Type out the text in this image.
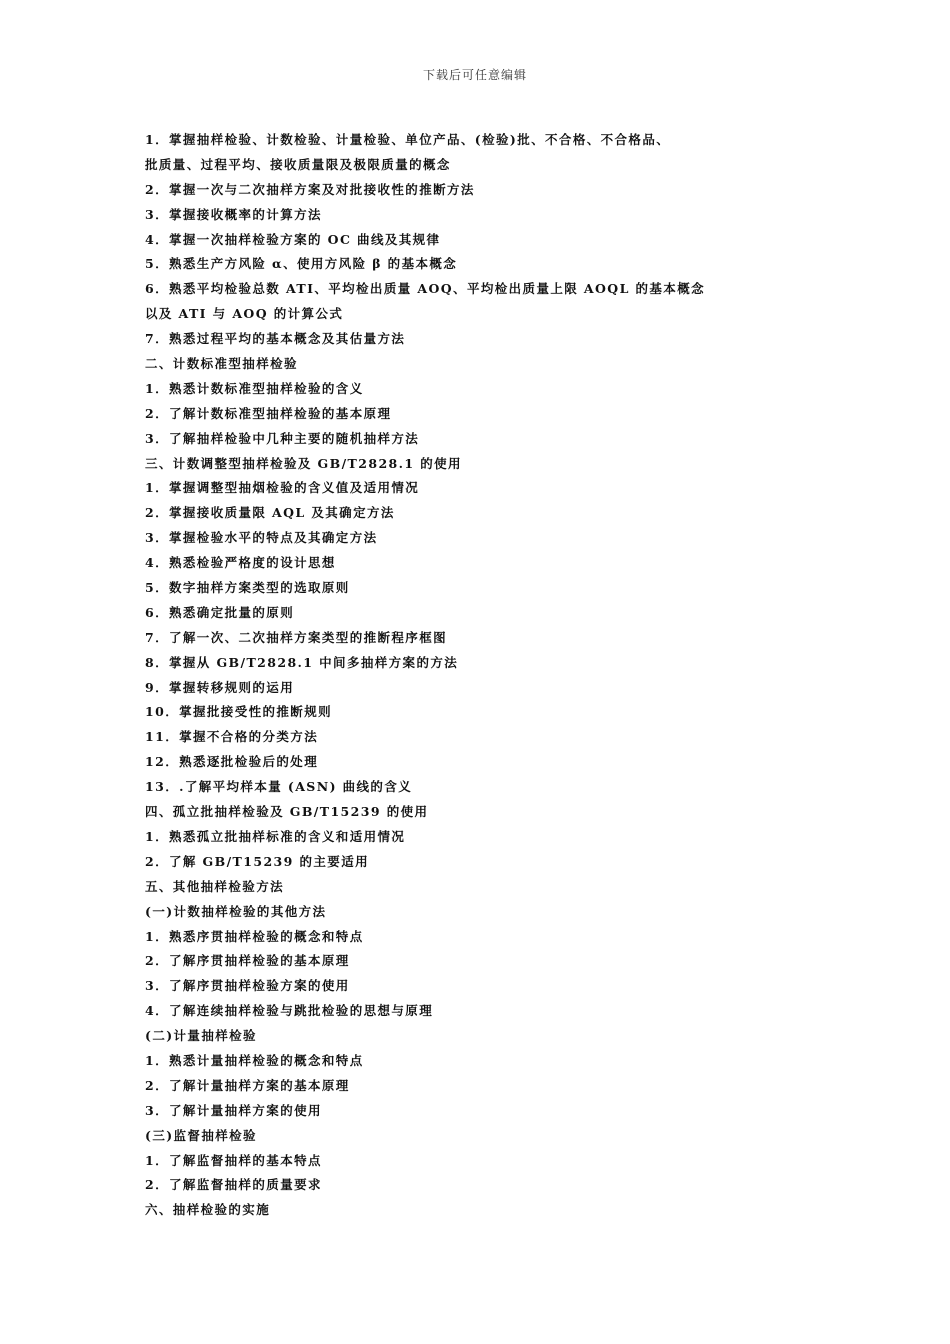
下载后可任意编辑
1．掌握抽样检验、计数检验、计量检验、单位产品、(检验)批、不合格、不合格品、
批质量、过程平均、接收质量限及极限质量的概念
2．掌握一次与二次抽样方案及对批接收性的推断方法
3．掌握接收概率的计算方法
4．掌握一次抽样检验方案的 OC 曲线及其规律
5．熟悉生产方风险 α、使用方风险 β 的基本概念
6．熟悉平均检验总数 ATI、平均检出质量 AOQ、平均检出质量上限 AOQL 的基本概念
以及 ATI 与 AOQ 的计算公式
7．熟悉过程平均的基本概念及其估量方法
二、计数标准型抽样检验
1．熟悉计数标准型抽样检验的含义
2．了解计数标准型抽样检验的基本原理
3．了解抽样检验中几种主要的随机抽样方法
三、计数调整型抽样检验及 GB/T2828.1 的使用
1．掌握调整型抽烟检验的含义值及适用情况
2．掌握接收质量限 AQL 及其确定方法
3．掌握检验水平的特点及其确定方法
4．熟悉检验严格度的设计思想
5．数字抽样方案类型的选取原则
6．熟悉确定批量的原则
7．了解一次、二次抽样方案类型的推断程序框图
8．掌握从 GB/T2828.1 中间多抽样方案的方法
9．掌握转移规则的运用
10．掌握批接受性的推断规则
11．掌握不合格的分类方法
12．熟悉逐批检验后的处理
13．.了解平均样本量 (ASN) 曲线的含义
四、孤立批抽样检验及 GB/T15239 的使用
1．熟悉孤立批抽样标准的含义和适用情况
2．了解 GB/T15239 的主要适用
五、其他抽样检验方法
(一)计数抽样检验的其他方法
1．熟悉序贯抽样检验的概念和特点
2．了解序贯抽样检验的基本原理
3．了解序贯抽样检验方案的使用
4．了解连续抽样检验与跳批检验的思想与原理
(二)计量抽样检验
1．熟悉计量抽样检验的概念和特点
2．了解计量抽样方案的基本原理
3．了解计量抽样方案的使用
(三)监督抽样检验
1．了解监督抽样的基本特点
2．了解监督抽样的质量要求
六、抽样检验的实施
